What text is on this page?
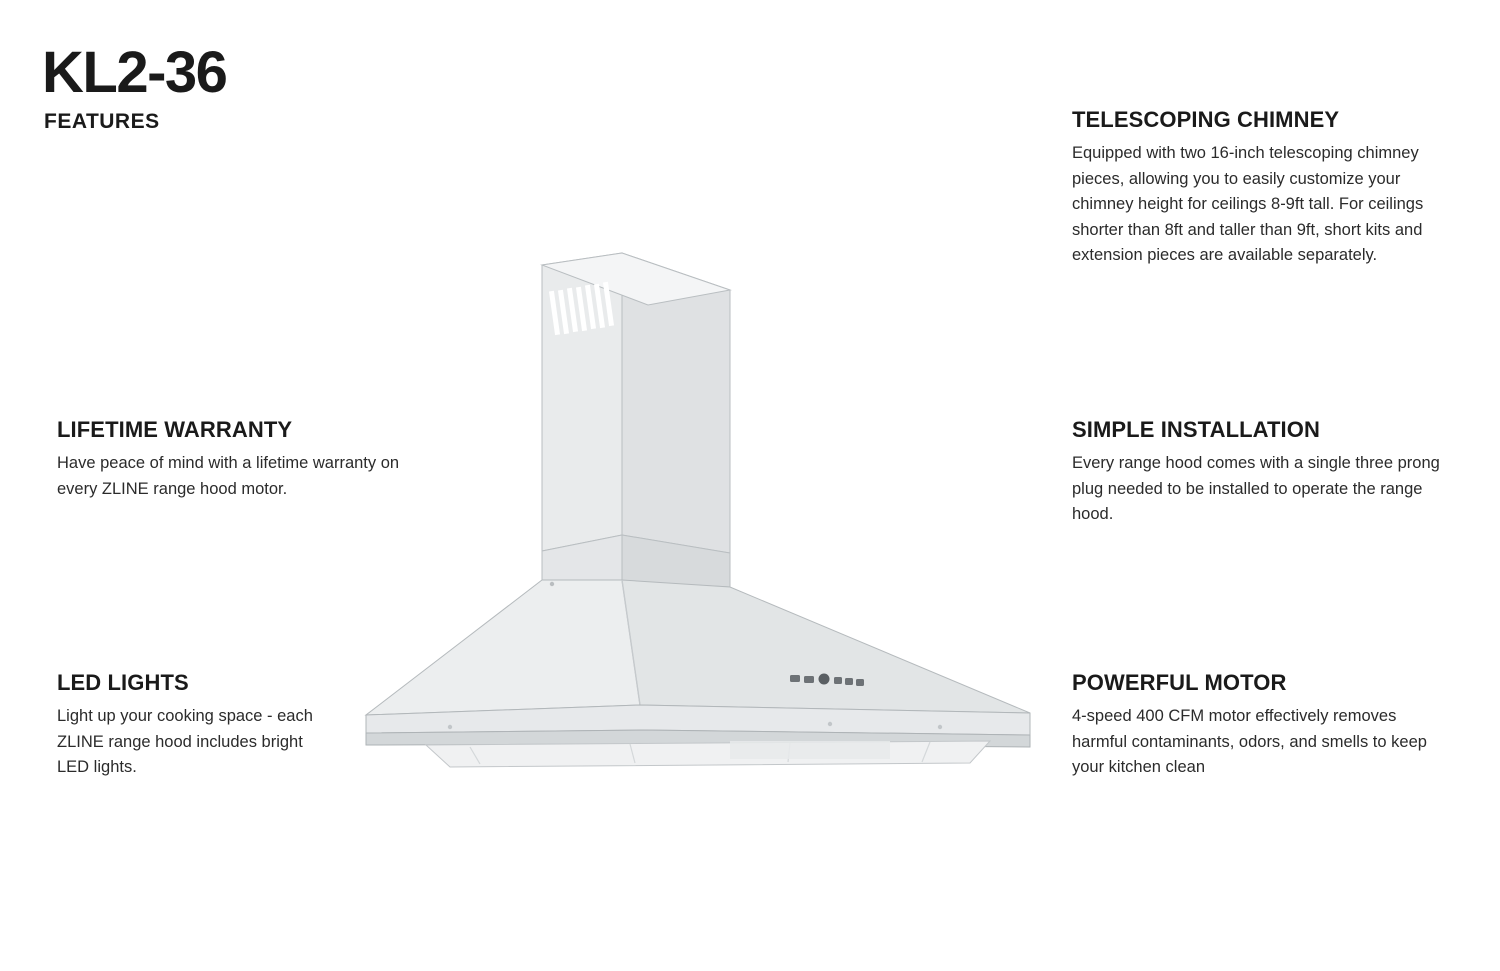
KL2-36
FEATURES	TELESCOPING CHIMNEY

Equipped with two 16-inch telescoping chimney pieces, allowing you to easily customize your chimney height for ceilings 8-9ft tall. For ceilings shorter than 8ft and taller than 9ft, short kits and extension pieces are available separately.

SIMPLE INSTALLATION

Every range hood comes with a single three prong plug needed to be installed to operate the range hood.

POWERFUL MOTOR

4-speed 400 CFM motor effectively removes harmful contaminants, odors, and smells to keep your kitchen clean

LIFETIME WARRANTY

Have peace of mind with a lifetime warranty on every ZLINE range hood motor.

LED LIGHTS

Light up your cooking space - each ZLINE range hood includes bright LED lights.
